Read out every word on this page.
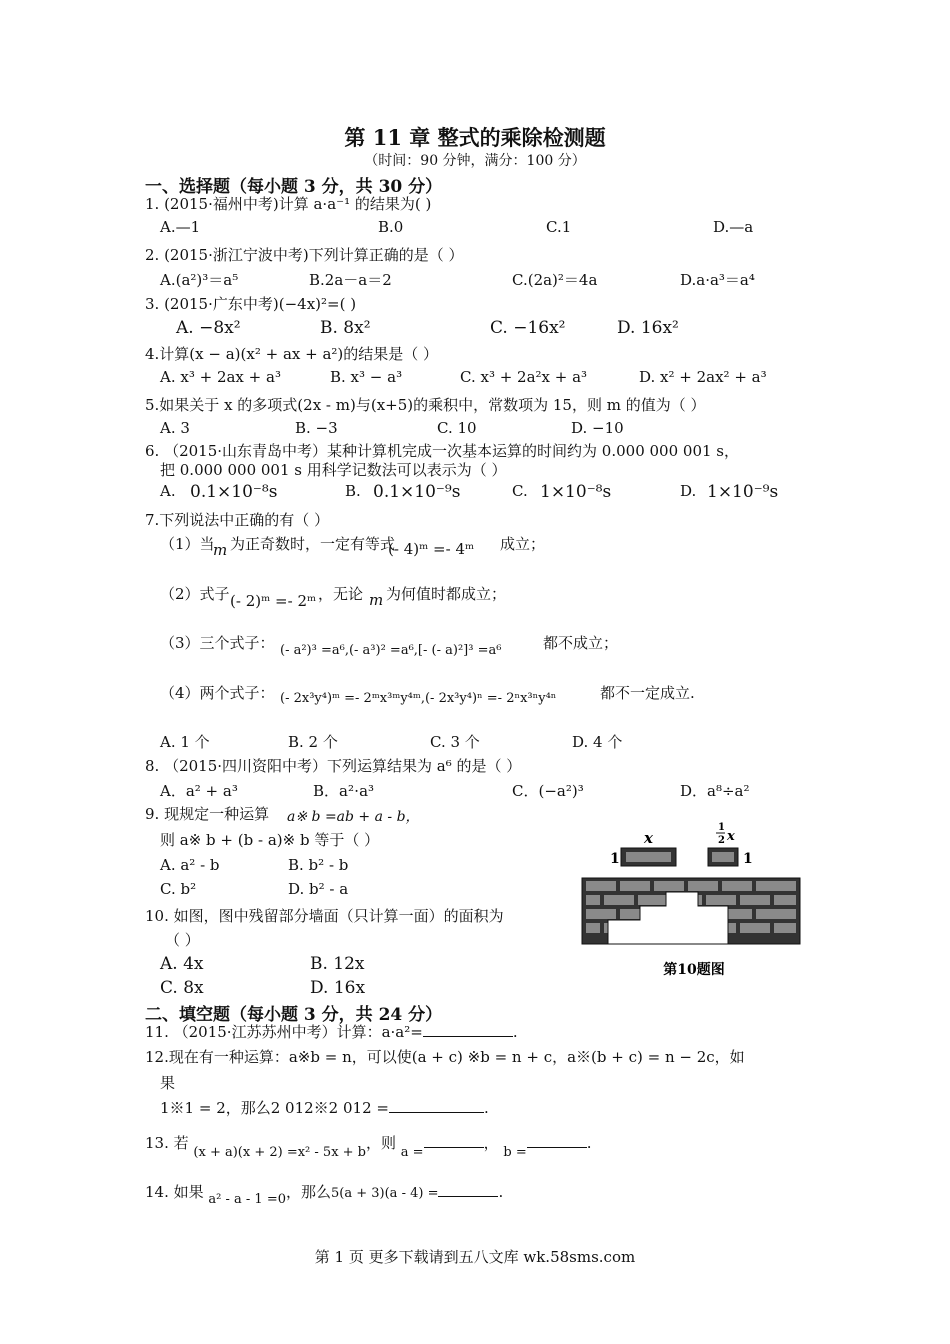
第 11 章 整式的乘除检测题
（时间：90 分钟，满分：100 分）
一、选择题（每小题 3 分，共 30 分）
1. (2015·福州中考)计算 a·a⁻¹ 的结果为( )
A.—1	B.0	C.1	D.—a
2. (2015·浙江宁波中考)下列计算正确的是（ ）
A.(a²)³＝a⁵	B.2a－a＝2	C.(2a)²＝4a	D.a·a³＝a⁴
3. (2015·广东中考)(−4x)²=( )
A. −8x²	B. 8x²	C. −16x²	D. 16x²
4.计算(x − a)(x² + ax + a²)的结果是（ ）
A. x³ + 2ax + a³	B. x³ − a³	C. x³ + 2a²x + a³	D. x² + 2ax² + a³
5.如果关于 x 的多项式(2x - m)与(x+5)的乘积中，常数项为 15，则 m 的值为（ ）
A. 3	B. −3	C. 10	D. −10
6. （2015·山东青岛中考）某种计算机完成一次基本运算的时间约为 0.000 000 001 s，
把 0.000 000 001 s 用科学记数法可以表示为（ ）
A. 0.1×10⁻⁸s	B. 0.1×10⁻⁹s	C. 1×10⁻⁸s	D. 1×10⁻⁹s
7.下列说法中正确的有（ ）
（1）当
m 为正奇数时，一定有等式
(- 4)ᵐ =- 4ᵐ 成立；
（2）式子 (- 2)ᵐ =- 2ᵐ ，无论 m 为何值时都成立；
（3）三个式子： (- a²)³ =a⁶,(- a³)² =a⁶,[- (- a)²]³ =a⁶	都不成立；
（4）两个式子： (- 2x³y⁴)ᵐ =- 2ᵐx³ᵐy⁴ᵐ,(- 2x³y⁴)ⁿ =- 2ⁿx³ⁿy⁴ⁿ	都不一定成立.
A. 1 个	B. 2 个	C. 3 个	D. 4 个
8. （2015·四川资阳中考）下列运算结果为 a⁶ 的是（ ）
A．a² + a³	B．a²⋅a³	C．(−a²)³	D．a⁸÷a²
9. 现规定一种运算 a※ b =ab + a - b，
则 a※ b + (b - a)※ b 等于（ ）
A. a² - b	B. b² - b
C. b²	D. b² - a
10. 如图，图中残留部分墙面（只计算一面）的面积为
（ ）
A. 4x	B. 12x
C. 8x	D. 16x
x
1
2 x
1	1
第10题图
二、填空题（每小题 3 分，共 24 分）
11. （2015·江苏苏州中考）计算：a·a²=	.
12.现在有一种运算：a※b = n，可以使(a + c) ※b = n + c，a※(b + c) = n − 2c，如
果
1※1 = 2，那么2 012※2 012 =	.
13. 若 (x + a)(x + 2) =x² - 5x + b，则 a =， b =.
14. 如果 a² - a - 1 =0，那么5(a + 3)(a - 4) =	.
第 1 页 更多下载请到五八文库 wk.58sms.com
